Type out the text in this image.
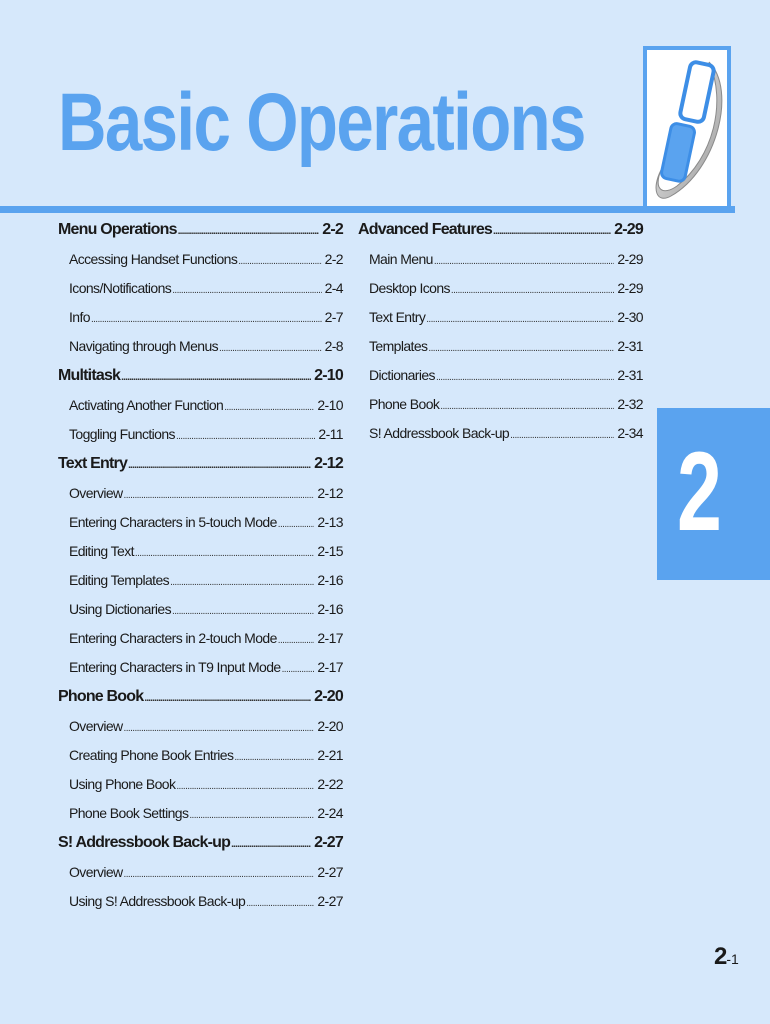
Basic Operations
2
Menu Operations .....	2-2
Accessing Handset Functions .....	2-2
Icons/Notifications .....	2-4
Info .....	2-7
Navigating through Menus .....	2-8
Multitask .....	2-10
Activating Another Function .....	2-10
Toggling Functions .....	2-11
Text Entry .....	2-12
Overview .....	2-12
Entering Characters in 5-touch Mode .....	2-13
Editing Text .....	2-15
Editing Templates .....	2-16
Using Dictionaries .....	2-16
Entering Characters in 2-touch Mode .....	2-17
Entering Characters in T9 Input Mode .....	2-17
Phone Book .....	2-20
Overview .....	2-20
Creating Phone Book Entries .....	2-21
Using Phone Book .....	2-22
Phone Book Settings .....	2-24
S! Addressbook Back-up .....	2-27
Overview .....	2-27
Using S! Addressbook Back-up .....	2-27
Advanced Features .....	2-29
Main Menu .....	2-29
Desktop Icons .....	2-29
Text Entry .....	2-30
Templates .....	2-31
Dictionaries .....	2-31
Phone Book .....	2-32
S! Addressbook Back-up .....	2-34
2-1
